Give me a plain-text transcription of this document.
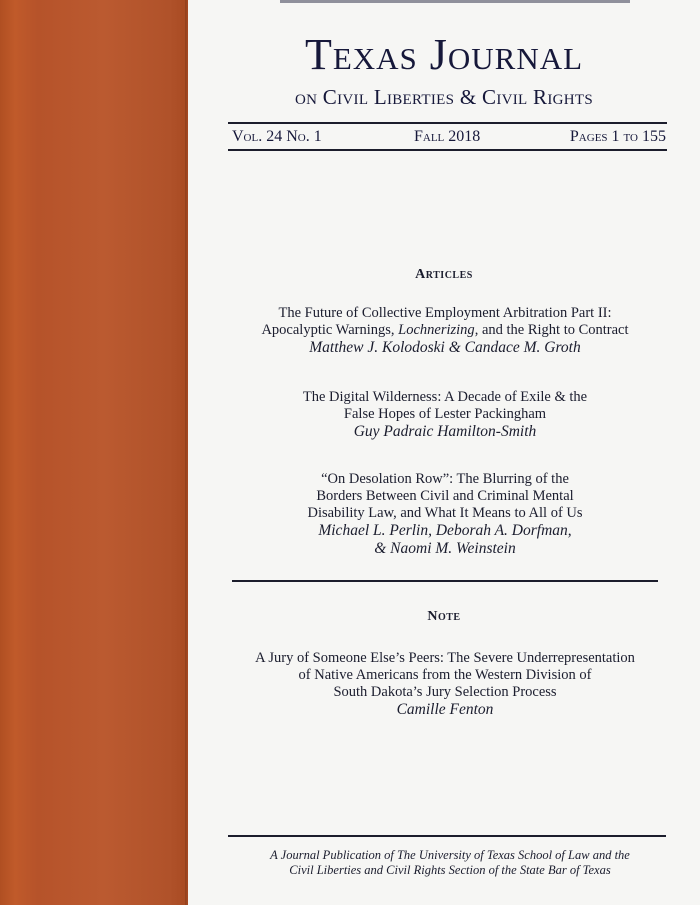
Texas Journal
on Civil Liberties & Civil Rights
Vol. 24 No. 1	Fall 2018	Pages 1 to 155
Articles
The Future of Collective Employment Arbitration Part II:
Apocalyptic Warnings, Lochnerizing, and the Right to Contract
Matthew J. Kolodoski & Candace M. Groth
The Digital Wilderness: A Decade of Exile & the
False Hopes of Lester Packingham
Guy Padraic Hamilton-Smith
“On Desolation Row”: The Blurring of the
Borders Between Civil and Criminal Mental
Disability Law, and What It Means to All of Us
Michael L. Perlin, Deborah A. Dorfman,
& Naomi M. Weinstein
Note
A Jury of Someone Else’s Peers: The Severe Underrepresentation
of Native Americans from the Western Division of
South Dakota’s Jury Selection Process
Camille Fenton
A Journal Publication of The University of Texas School of Law and the
Civil Liberties and Civil Rights Section of the State Bar of Texas
